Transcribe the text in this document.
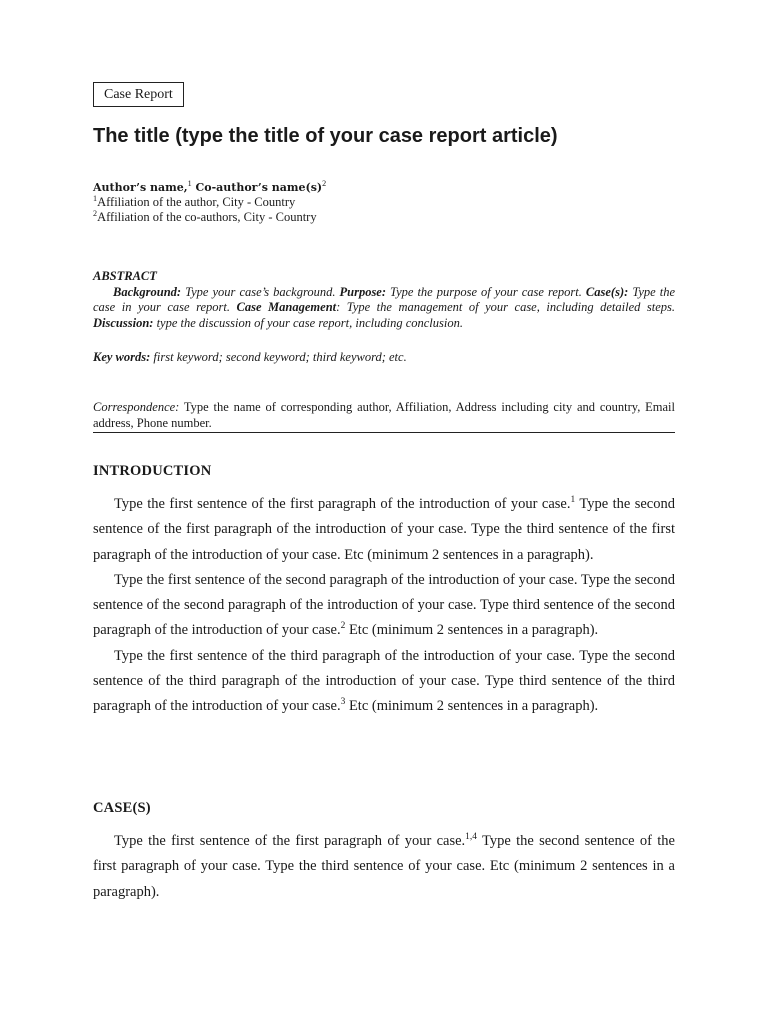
Case Report
The title (type the title of your case report article)
Author’s name,$^1$ Co-author’s $name(s)^2$
$^1$Affiliation of the author, City - Country
$^2$Affiliation of the co-authors, City - Country

ABSTRACT

Background: Type your case’s background. Purpose: Type the purpose of your case report. Case(s): Type the case in your case report. Case Management: Type the management of your case, including detailed steps. Discussion: type the discussion of your case report, including conclusion.

Key words: first keyword; second keyword; third keyword; etc.
Correspondence: Type the name of corresponding author, Affiliation, Address including city and country, Email address, Phone number.
INTRODUCTION

Type the first sentence of the first paragraph of the introduction of your case.$^1$ Type the second sentence of the first paragraph of the introduction of your case. Type the third sentence of the first paragraph of the introduction of your case. Etc (minimum 2 sentences in a paragraph).

Type the first sentence of the second paragraph of the introduction of your case. Type the second sentence of the second paragraph of the introduction of your case. Type third sentence of the second paragraph of the introduction of your case.$^2$ Etc (minimum 2 sentences in a paragraph).

Type the first sentence of the third paragraph of the introduction of your case. Type the second sentence of the third paragraph of the introduction of your case. Type third sentence of the third paragraph of the introduction of your case.$^3$ Etc (minimum 2 sentences in a paragraph).

CASE(S)

Type the first sentence of the first paragraph of your case.$^{1,4}$ Type the second sentence of the first paragraph of your case. Type the third sentence of your case. Etc (minimum 2 sentences in a paragraph).
